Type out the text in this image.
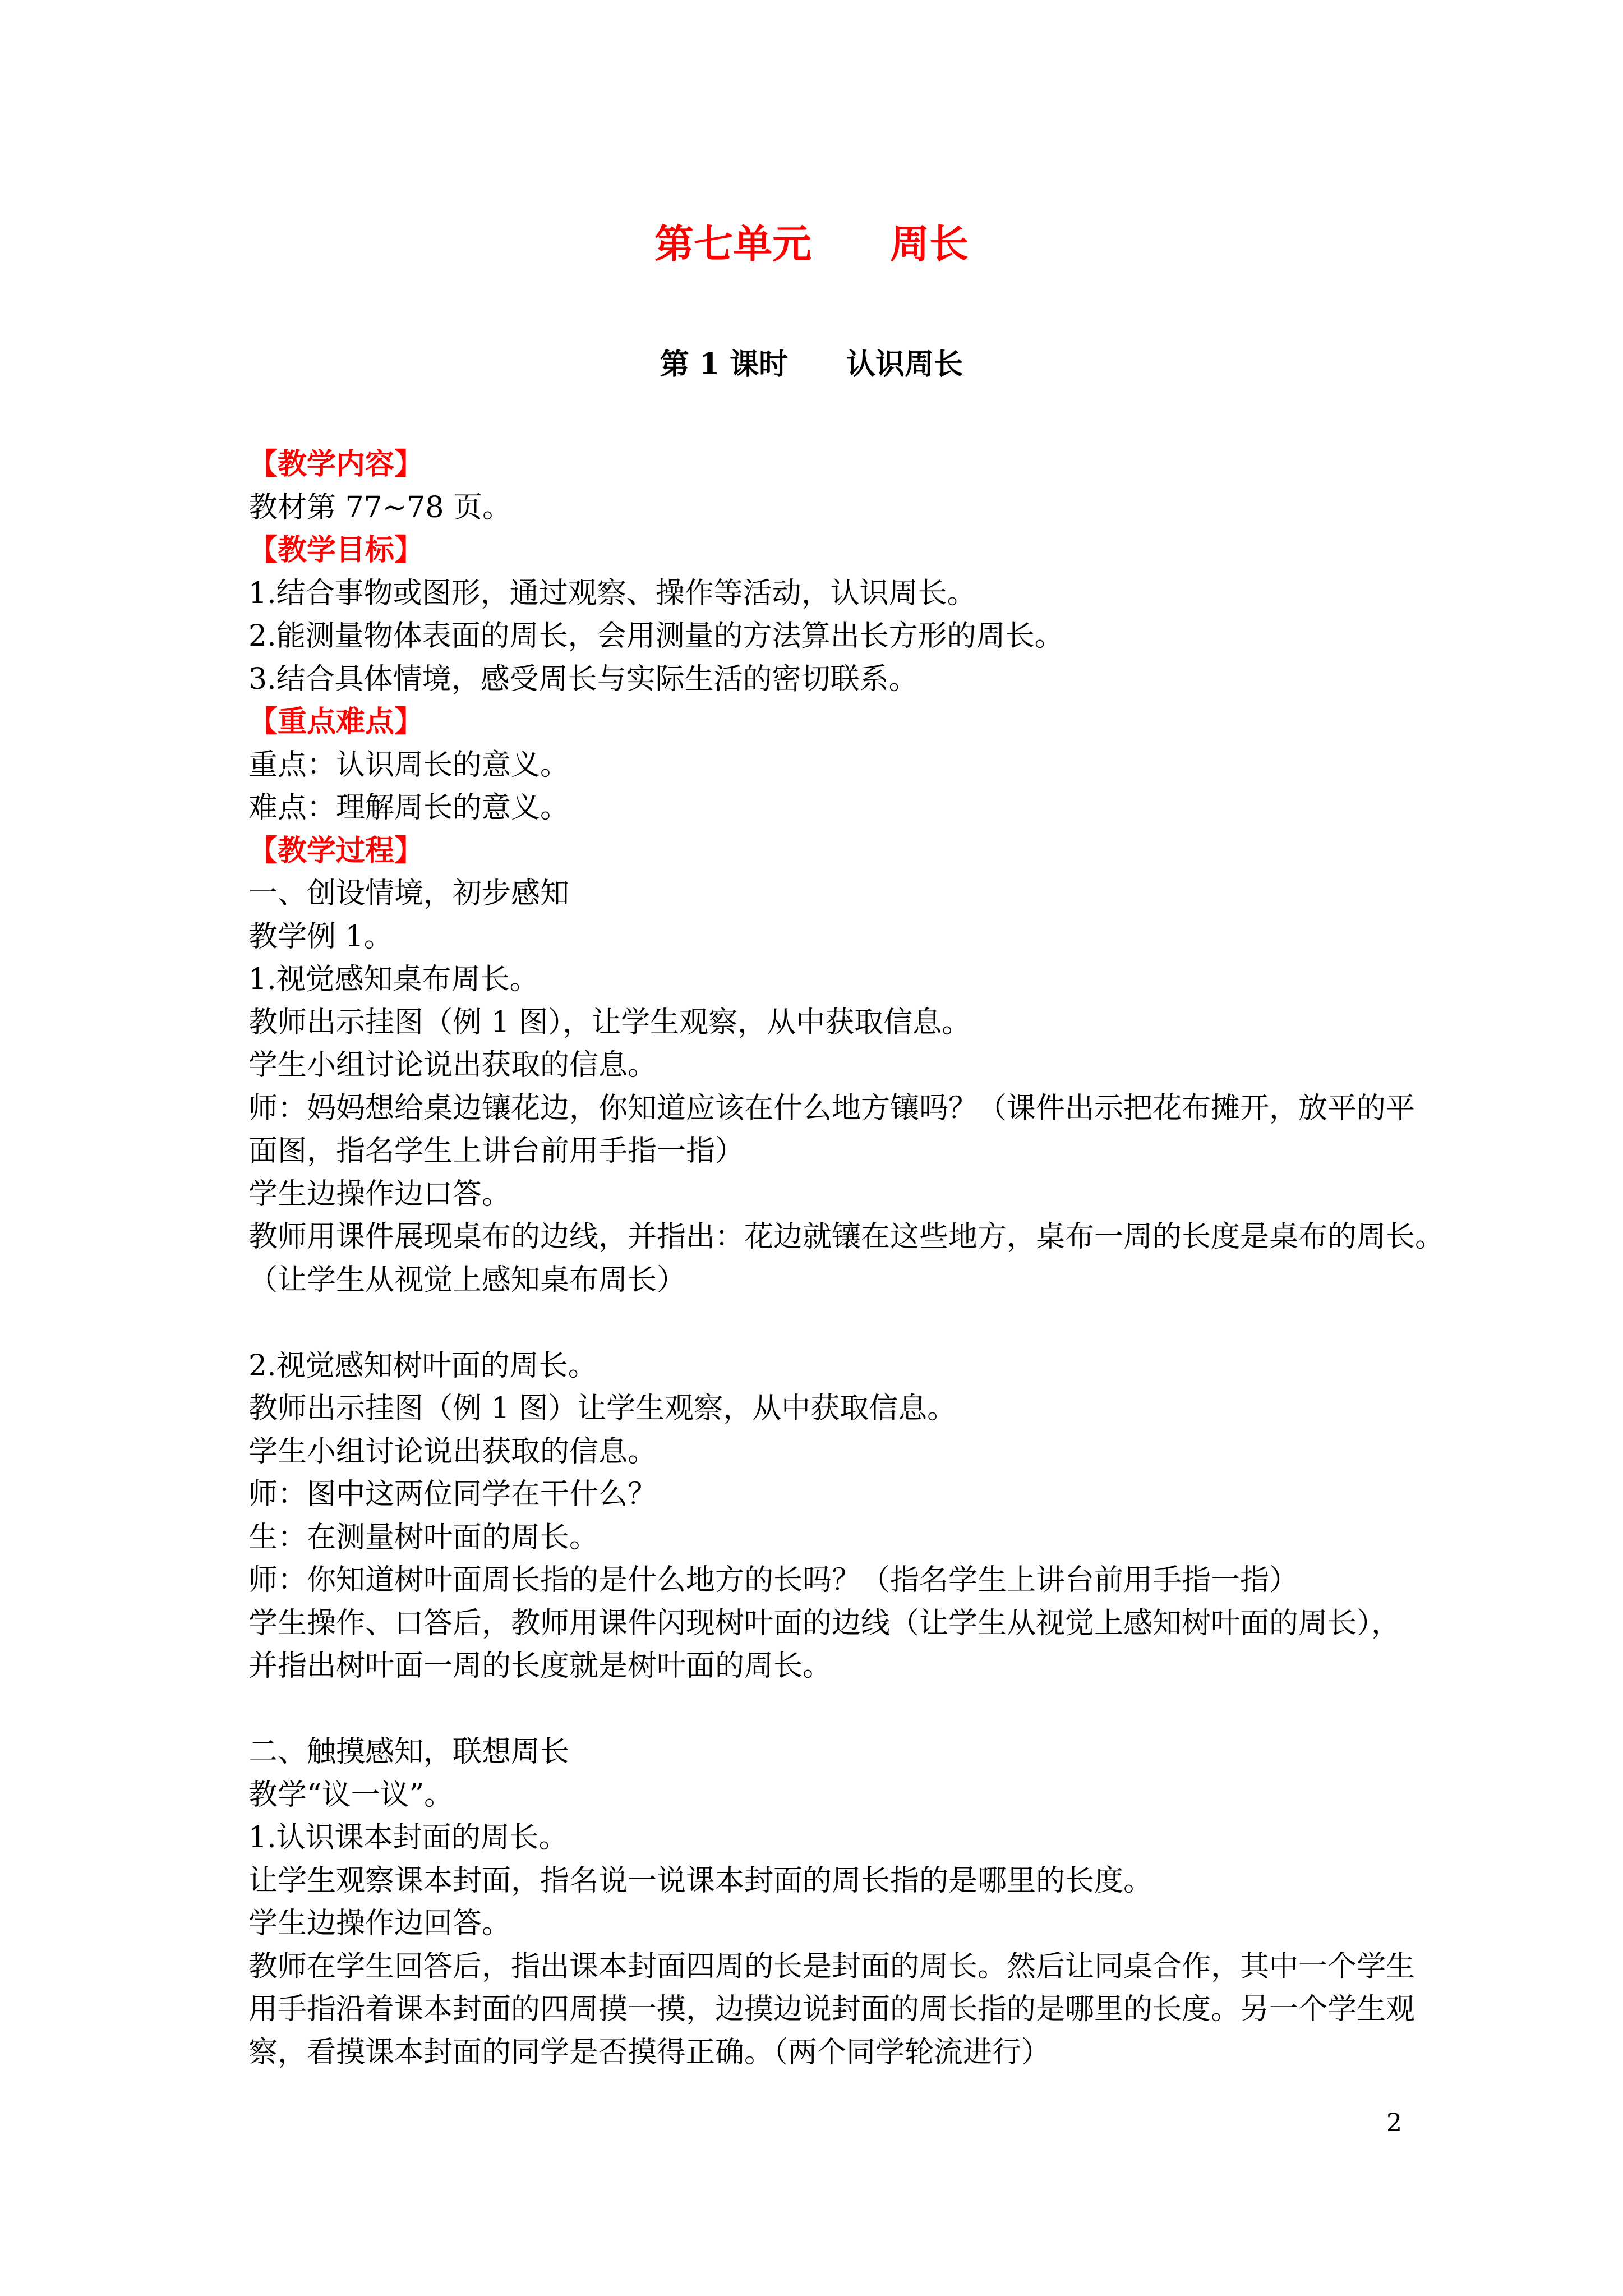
第七单元　　周长
第 1 课时　　认识周长
【教学内容】
教材第 77~78 页。
【教学目标】
1.结合事物或图形，通过观察、操作等活动，认识周长。
2.能测量物体表面的周长，会用测量的方法算出长方形的周长。
3.结合具体情境，感受周长与实际生活的密切联系。
【重点难点】
重点：认识周长的意义。
难点：理解周长的意义。
【教学过程】
一、创设情境，初步感知
教学例 1。
1.视觉感知桌布周长。
教师出示挂图（例 1 图），让学生观察，从中获取信息。
学生小组讨论说出获取的信息。
师：妈妈想给桌边镶花边，你知道应该在什么地方镶吗？（课件出示把花布摊开，放平的平
面图，指名学生上讲台前用手指一指）
学生边操作边口答。
教师用课件展现桌布的边线，并指出：花边就镶在这些地方，桌布一周的长度是桌布的周长。
（让学生从视觉上感知桌布周长）
2.视觉感知树叶面的周长。
教师出示挂图（例 1 图）让学生观察，从中获取信息。
学生小组讨论说出获取的信息。
师：图中这两位同学在干什么？
生：在测量树叶面的周长。
师：你知道树叶面周长指的是什么地方的长吗？（指名学生上讲台前用手指一指）
学生操作、口答后，教师用课件闪现树叶面的边线（让学生从视觉上感知树叶面的周长），
并指出树叶面一周的长度就是树叶面的周长。
二、触摸感知，联想周长
教学“议一议”。
1.认识课本封面的周长。
让学生观察课本封面，指名说一说课本封面的周长指的是哪里的长度。
学生边操作边回答。
教师在学生回答后，指出课本封面四周的长是封面的周长。然后让同桌合作，其中一个学生
用手指沿着课本封面的四周摸一摸，边摸边说封面的周长指的是哪里的长度。另一个学生观
察，看摸课本封面的同学是否摸得正确。（两个同学轮流进行）
2
